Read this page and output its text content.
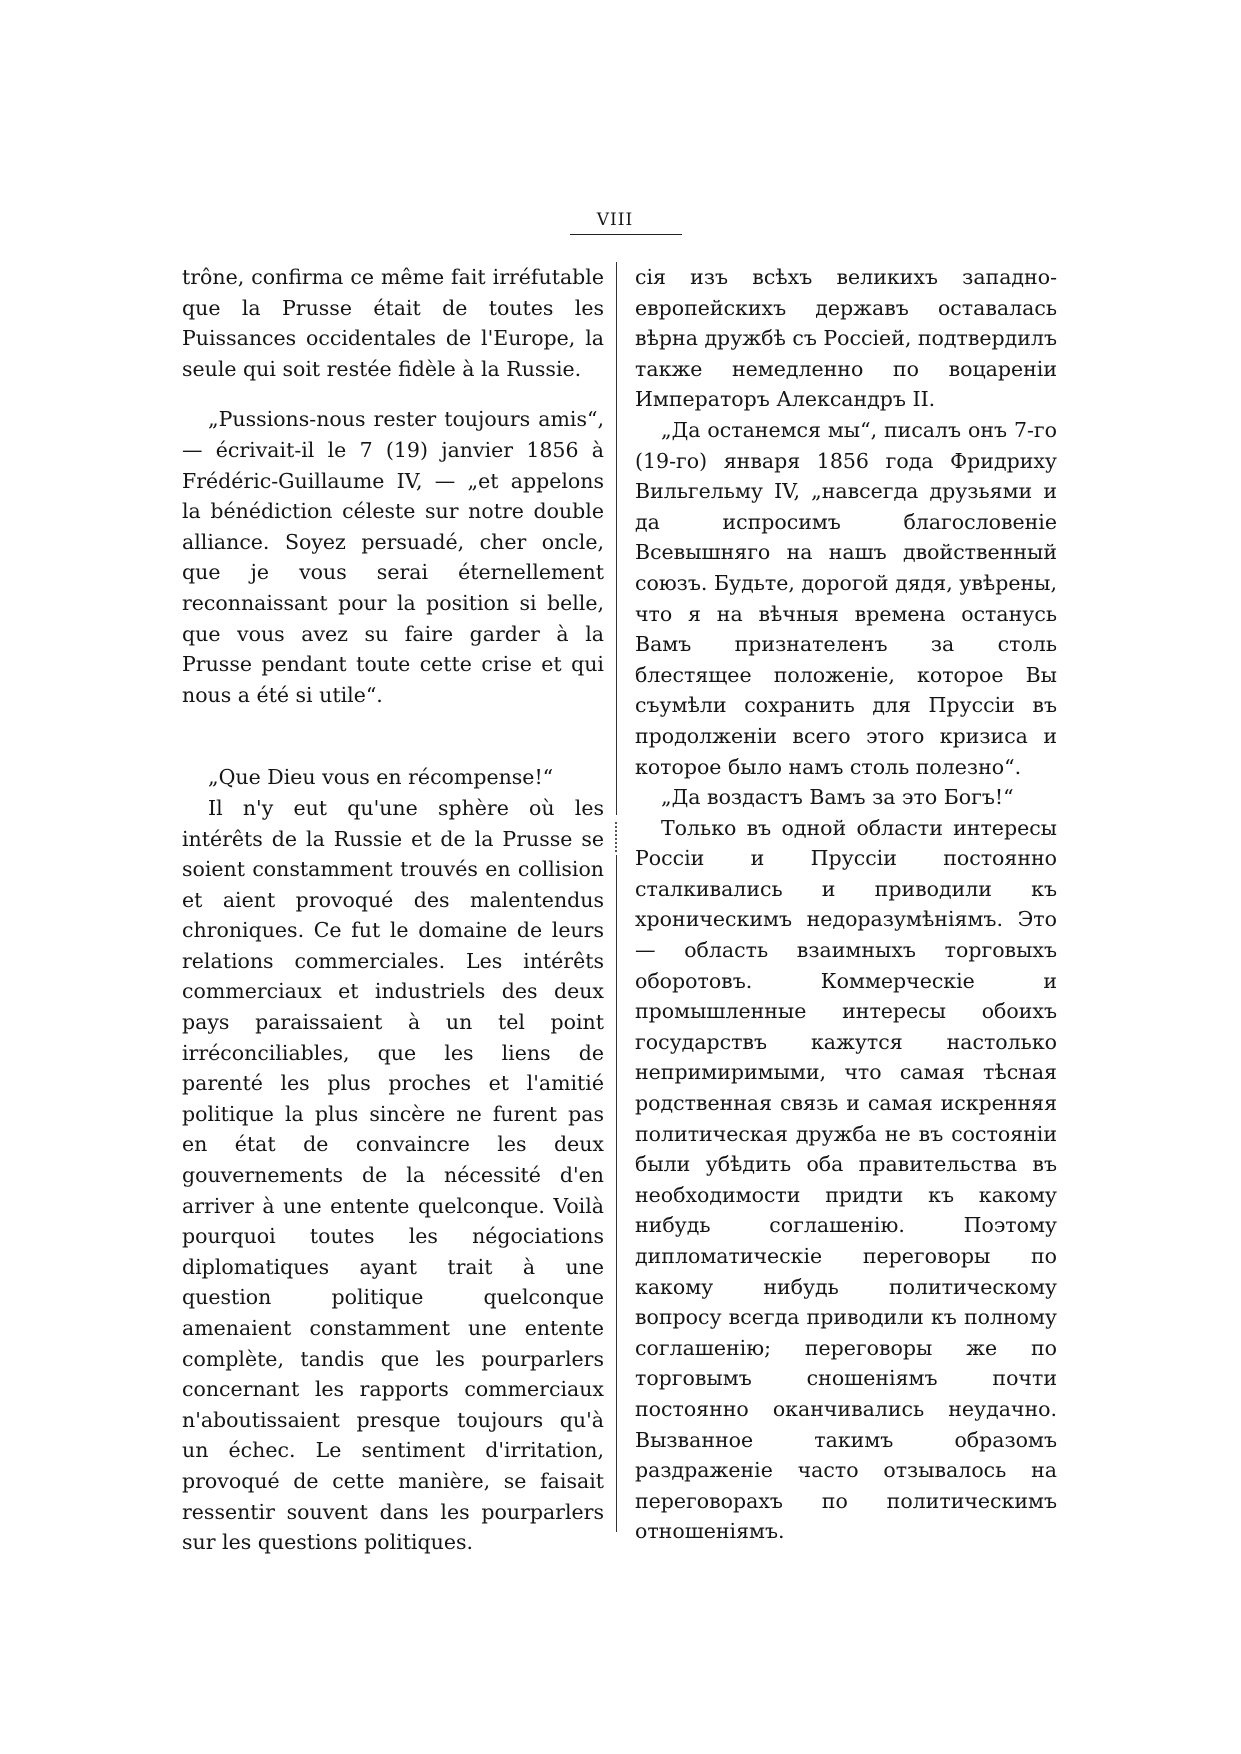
VIII

trône, confirma ce même fait irréfutable que la Prusse était de toutes les Puissances occidentales de l'Europe, la seule qui soit restée fidèle à la Russie.

„Pussions-nous rester toujours amis“,— écrivait-il le 7 (19) janvier 1856 à Frédéric-Guillaume IV, — „et appelons la bénédiction céleste sur notre double alliance. Soyez persuadé, cher oncle, que je vous serai éternellement reconnaissant pour la position si belle, que vous avez su faire garder à la Prusse pendant toute cette crise et qui nous a été si utile“.

„Que Dieu vous en récompense!“

Il n'y eut qu'une sphère où les intérêts de la Russie et de la Prusse se soient constamment trouvés en collision et aient provoqué des malentendus chroniques. Ce fut le domaine de leurs relations commerciales. Les intérêts commerciaux et industriels des deux pays paraissaient à un tel point irréconciliables, que les liens de parenté les plus proches et l'amitié politique la plus sincère ne furent pas en état de convaincre les deux gouvernements de la nécessité d'en arriver à une entente quelconque. Voilà pourquoi toutes les négociations diplomatiques ayant trait à une question politique quelconque amenaient constamment une entente complète, tandis que les pourparlers concernant les rapports commerciaux n'aboutissaient presque toujours qu'à un échec. Le sentiment d'irritation, provoqué de cette manière, se faisait ressentir souvent dans les pourparlers sur les questions politiques.

сія изъ всѣхъ великихъ западно-европейскихъ державъ оставалась вѣрна дружбѣ съ Россіей, подтвердилъ также немедленно по воцареніи Императоръ Александръ II.

„Да останемся мы“, писалъ онъ 7-го (19-го) января 1856 года Фридриху Вильгельму IV, „навсегда друзьями и да испросимъ благословеніе Всевышняго на нашъ двойственный союзъ. Будьте, дорогой дядя, увѣрены, что я на вѣчныя времена останусь Вамъ признателенъ за столь блестящее положеніе, которое Вы съумѣли сохранить для Пруссіи въ продолженіи всего этого кризиса и которое было намъ столь полезно“.

„Да воздастъ Вамъ за это Богъ!“

Только въ одной области интересы Россіи и Пруссіи постоянно сталкивались и приводили къ хроническимъ недоразумѣніямъ. Это — область взаимныхъ торговыхъ оборотовъ. Коммерческіе и промышленные интересы обоихъ государствъ кажутся настолько непримиримыми, что самая тѣсная родственная связь и самая искренняя политическая дружба не въ состояніи были убѣдить оба правительства въ необходимости придти къ какому нибудь соглашенію. Поэтому дипломатическіе переговоры по какому нибудь политическому вопросу всегда приводили къ полному соглашенію; переговоры же по торговымъ сношеніямъ почти постоянно оканчивались неудачно. Вызванное такимъ образомъ раздраженіе часто отзывалось на переговорахъ по политическимъ отношеніямъ.
